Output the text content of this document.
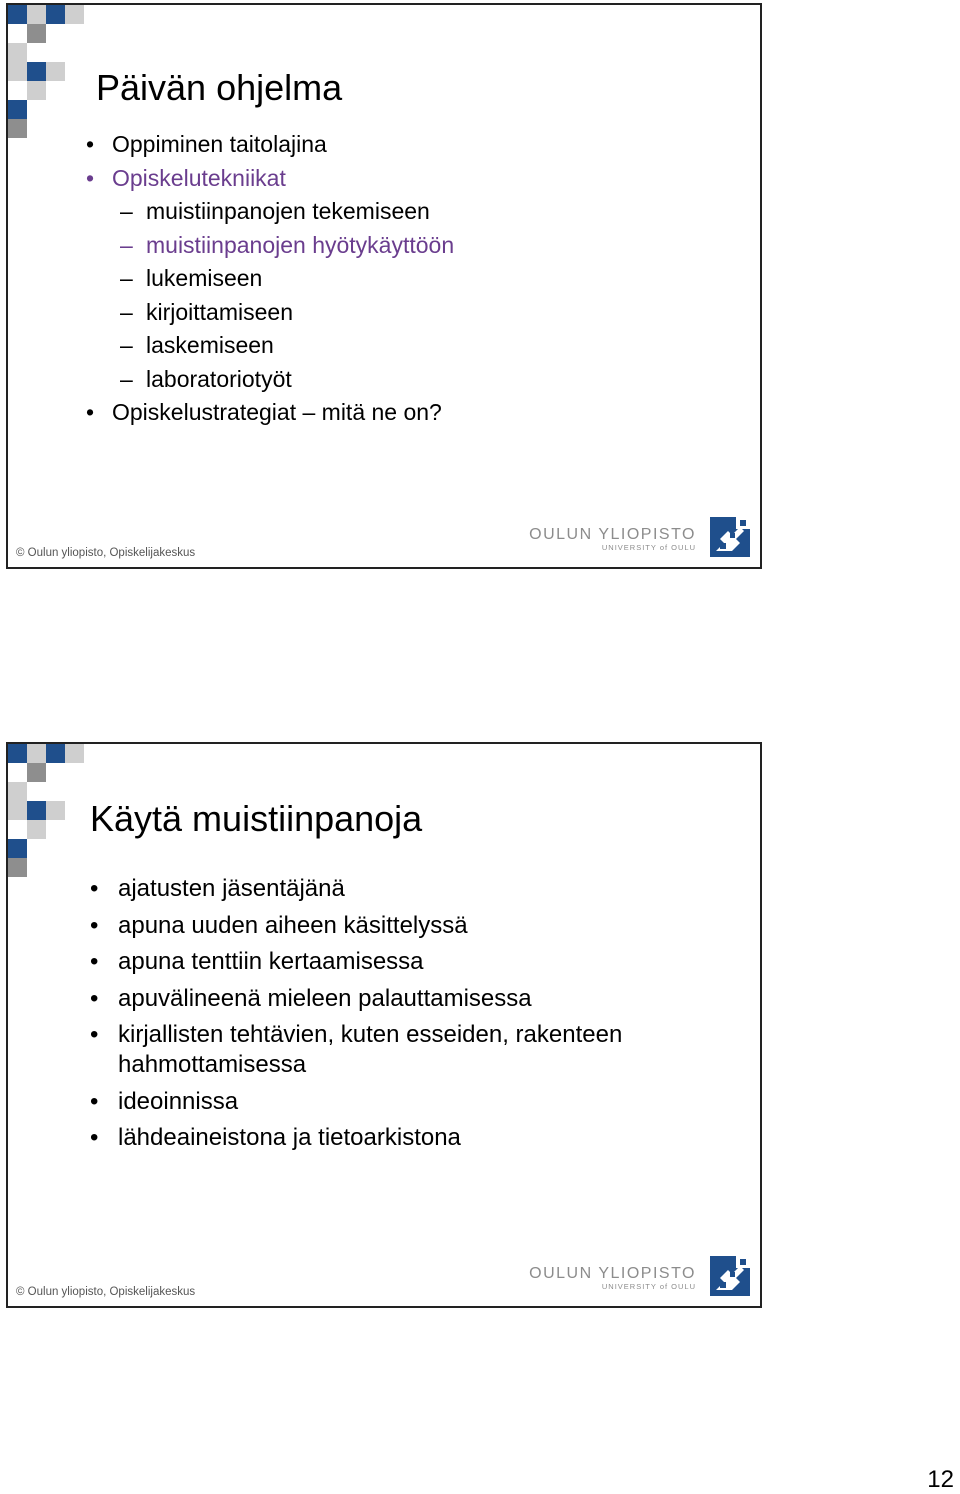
Päivän ohjelma
• Oppiminen taitolajina
• Opiskelutekniikat
– muistiinpanojen tekemiseen
– muistiinpanojen hyötykäyttöön
– lukemiseen
– kirjoittamiseen
– laskemiseen
– laboratoriotyöt
• Opiskelustrategiat – mitä ne on?
© Oulun yliopisto, Opiskelijakeskus
OULUN YLIOPISTO
UNIVERSITY of OULU
Käytä muistiinpanoja
• ajatusten jäsentäjänä
• apuna uuden aiheen käsittelyssä
• apuna tenttiin kertaamisessa
• apuvälineenä mieleen palauttamisessa
• kirjallisten tehtävien, kuten esseiden, rakenteen hahmottamisessa
• ideoinnissa
• lähdeaineistona ja tietoarkistona
© Oulun yliopisto, Opiskelijakeskus
OULUN YLIOPISTO
UNIVERSITY of OULU
12
